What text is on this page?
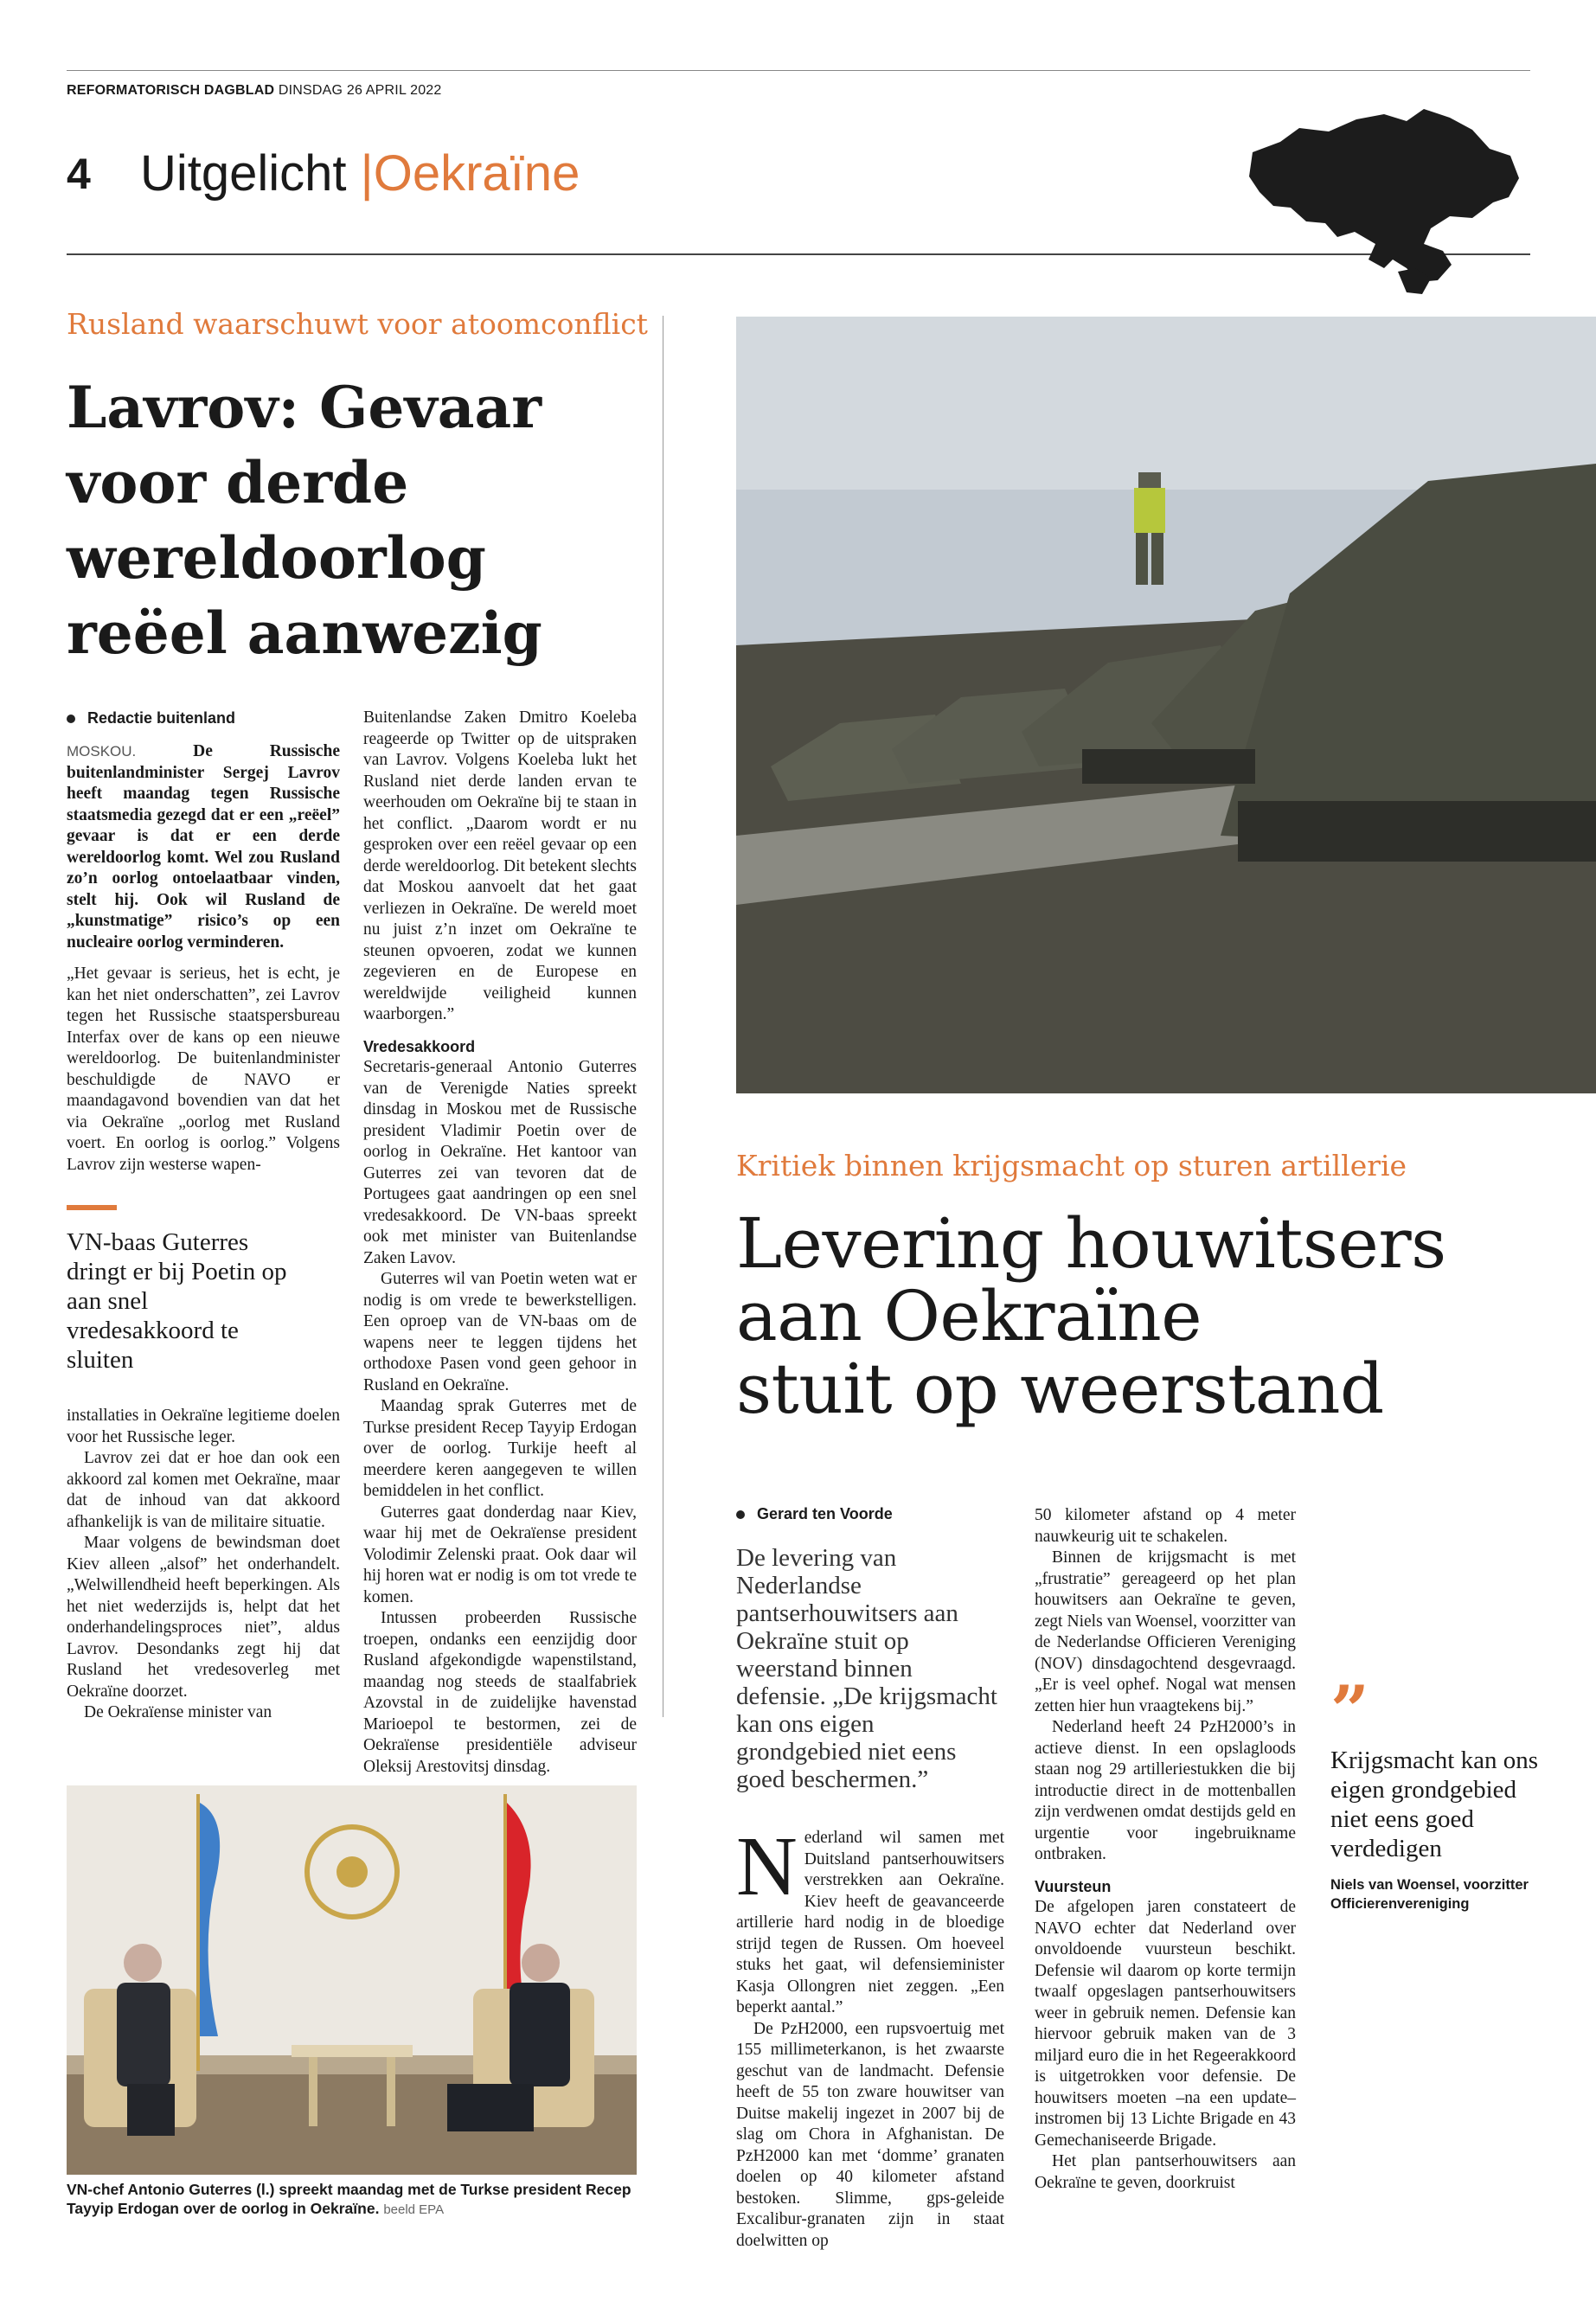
REFORMATORISCH DAGBLAD DINSDAG 26 APRIL 2022
4 Uitgelicht |Oekraïne
Rusland waarschuwt voor atoomconflict
Lavrov: Gevaar
voor derde
wereldoorlog
reëel aanwezig
Redactie buitenland

MOSKOU.	De Russische buitenlandminister Sergej Lavrov heeft maandag tegen Russische staatsmedia gezegd dat er een „reëel” gevaar is dat er een derde wereldoorlog komt. Wel zou Rusland zo’n oorlog ontoelaatbaar vinden, stelt hij. Ook wil Rusland de „kunstmatige” risico’s op een nucleaire oorlog verminderen.

„Het gevaar is serieus, het is echt, je kan het niet onderschatten”, zei Lavrov tegen het Russische staatspersbureau Interfax over de kans op een nieuwe wereldoorlog. De buitenlandminister beschuldigde de NAVO er maandagavond bovendien van dat het via Oekraïne „oorlog met Rusland voert. En oorlog is oorlog.” Volgens Lavrov zijn westerse wapen-

VN-baas Guterres dringt er bij Poetin op aan snel vredesakkoord te sluiten

installaties in Oekraïne legitieme doelen voor het Russische leger.

Lavrov zei dat er hoe dan ook een akkoord zal komen met Oekraïne, maar dat de inhoud van dat akkoord afhankelijk is van de militaire situatie.

Maar volgens de bewindsman doet Kiev alleen „alsof” het onderhandelt. „Welwillendheid heeft beperkingen. Als het niet wederzijds is, helpt dat het onderhandelingsproces niet”, aldus Lavrov. Desondanks zegt hij dat Rusland het vredesoverleg met Oekraïne doorzet.

De Oekraïense minister van

Buitenlandse Zaken Dmitro Koeleba reageerde op Twitter op de uitspraken van Lavrov. Volgens Koeleba lukt het Rusland niet derde landen ervan te weerhouden om Oekraïne bij te staan in het conflict. „Daarom wordt er nu gesproken over een reëel gevaar op een derde wereldoorlog. Dit betekent slechts dat Moskou aanvoelt dat het gaat verliezen in Oekraïne. De wereld moet nu juist z’n inzet om Oekraïne te steunen opvoeren, zodat we kunnen zegevieren en de Europese en wereldwijde veiligheid kunnen waarborgen.”

Vredesakkoord

Secretaris-generaal Antonio Guterres van de Verenigde Naties spreekt dinsdag in Moskou met de Russische president Vladimir Poetin over de oorlog in Oekraïne. Het kantoor van Guterres zei van tevoren dat de Portugees gaat aandringen op een snel vredesakkoord. De VN-baas spreekt ook met minister van Buitenlandse Zaken Lavov.

Guterres wil van Poetin weten wat er nodig is om vrede te bewerkstelligen. Een oproep van de VN-baas om de wapens neer te leggen tijdens het orthodoxe Pasen vond geen gehoor in Rusland en Oekraïne.

Maandag sprak Guterres met de Turkse president Recep Tayyip Erdogan over de oorlog. Turkije heeft al meerdere keren aangegeven te willen bemiddelen in het conflict.

Guterres gaat donderdag naar Kiev, waar hij met de Oekraïense president Volodimir Zelenski praat. Ook daar wil hij horen wat er nodig is om tot vrede te komen.

Intussen probeerden Russische troepen, ondanks een eenzijdig door Rusland afgekondigde wapenstilstand, maandag nog steeds de staalfabriek Azovstal in de zuidelijke havenstad Marioepol te bestormen, zei de Oekraïense presidentiële adviseur Oleksij Arestovitsj dinsdag.

VN-chef Antonio Guterres (l.) spreekt maandag met de Turkse president Recep Tayyip Erdogan over de oorlog in Oekraïne. beeld EPA
Kritiek binnen krijgsmacht op sturen artillerie
Levering houwitsers
aan Oekraïne
stuit op weerstand
Gerard ten Voorde
De levering van Nederlandse pantserhouwitsers aan Oekraïne stuit op weerstand binnen defensie. „De krijgsmacht kan ons eigen grondgebied niet eens goed beschermen.”

Nederland wil samen met Duitsland pantserhouwitsers verstrekken aan Oekraïne. Kiev heeft de geavanceerde artillerie hard nodig in de bloedige strijd tegen de Russen. Om hoeveel stuks het gaat, wil defensieminister Kasja Ollongren niet zeggen. „Een beperkt aantal.”

De PzH2000, een rupsvoertuig met 155 millimeterkanon, is het zwaarste geschut van de landmacht. Defensie heeft de 55 ton zware houwitser van Duitse makelij ingezet in 2007 bij de slag om Chora in Afghanistan. De PzH2000 kan met ‘domme’ granaten doelen op 40 kilometer afstand bestoken. Slimme, gps-geleide Excalibur-granaten zijn in staat doelwitten op

50 kilometer afstand op 4 meter nauwkeurig uit te schakelen.

Binnen de krijgsmacht is met „frustratie” gereageerd op het plan houwitsers aan Oekraïne te geven, zegt Niels van Woensel, voorzitter van de Nederlandse Officieren Vereniging (NOV) dinsdagochtend desgevraagd. „Er is veel ophef. Nogal wat mensen zetten hier hun vraagtekens bij.”

Nederland heeft 24 PzH2000’s in actieve dienst. In een opslagloods staan nog 29 artilleriestukken die bij introductie direct in de mottenballen zijn verdwenen omdat destijds geld en urgentie voor ingebruikname ontbraken.

Vuursteun

De afgelopen jaren constateert de NAVO echter dat Nederland over onvoldoende vuursteun beschikt. Defensie wil daarom op korte termijn twaalf opgeslagen pantserhouwitsers weer in gebruik nemen. Defensie kan hiervoor gebruik maken van de 3 miljard euro die in het Regeerakkoord is uitgetrokken voor defensie. De houwitsers moeten –na een update– instromen bij 13 Lichte Brigade en 43 Gemechaniseerde Brigade.

Het plan pantserhouwitsers aan Oekraïne te geven, doorkruist

”
Krijgsmacht kan ons eigen grondgebied niet eens goed verdedigen
Niels van Woensel, voorzitter Officierenvereniging
